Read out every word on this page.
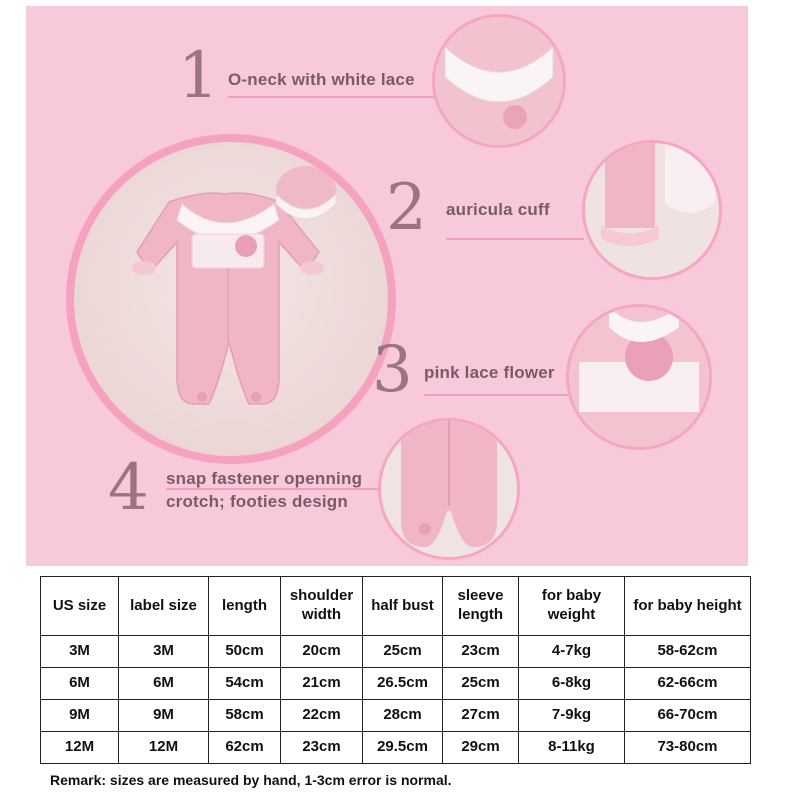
1 O-neck with white lace
2 auricula cuff
3 pink lace flower
4 snap fastener openning
crotch; footies design
US size	label size	length	shoulder width	half bust	sleeve length	for baby weight	for baby height
3M	3M	50cm	20cm	25cm	23cm	4-7kg	58-62cm
6M	6M	54cm	21cm	26.5cm	25cm	6-8kg	62-66cm
9M	9M	58cm	22cm	28cm	27cm	7-9kg	66-70cm
12M	12M	62cm	23cm	29.5cm	29cm	8-11kg	73-80cm
Remark: sizes are measured by hand, 1-3cm error is normal.
